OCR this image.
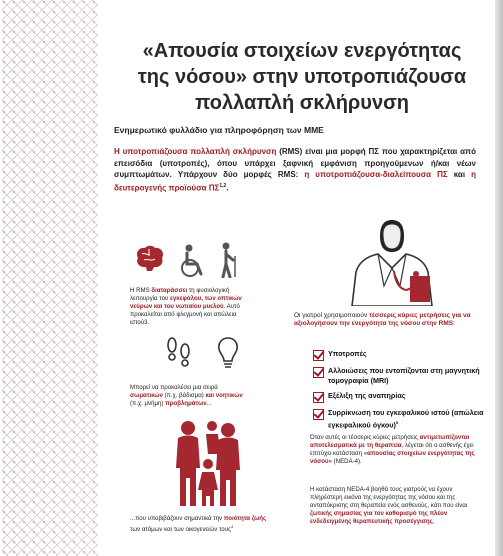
«Απουσία στοιχείων ενεργότητας
της νόσου» στην υποτροπιάζουσα
πολλαπλή σκλήρυνση
Ενημερωτικό φυλλάδιο για πληροφόρηση των ΜΜΕ

Η υποτροπιάζουσα πολλαπλή σκλήρυνση (RMS) είναι μια μορφή ΠΣ που χαρακτηρίζεται από επεισόδια (υποτροπές), όπου υπάρχει ξαφνική εμφάνιση προηγούμενων ή/και νέων συμπτωμάτων. Υπάρχουν δύο μορφές RMS: η υποτροπιάζουσα-διαλείπουσα ΠΣ και η δευτερογενής προϊούσα ΠΣ$^{1,2}$.

Η RMS διαταράσσει τη φυσιολογική λειτουργία του εγκεφάλου, των οπτικών νεύρων και του νωτιαίου μυελού. Αυτό προκαλείται από φλεγμονή και απώλεια ιστού3.
Μπορεί να προκαλέσει μια σειρά σωματικών (π.χ. βάδισμα) και νοητικών (π.χ. μνήμη) προβλημάτων...
...που υποβιβάζουν σημαντικά την ποιότητα ζωής των ατόμων και των οικογενειών τους$^4$
Οι γιατροί χρησιμοποιούν τέσσερις κύριες μετρήσεις για να αξιολογήσουν την ενεργότητα της νόσου στην RMS:
Υποτροπές
Αλλοιώσεις που εντοπίζονται στη μαγνητική τομογραφία (MRI)
Εξέλιξη της αναπηρίας
Συρρίκνωση του εγκεφαλικού ιστού (απώλεια εγκεφαλικού όγκου)$^5$
Όταν αυτές οι τέσσερις κύριες μετρήσεις αντιμετωπίζονται αποτελεσματικά με τη θεραπεία, λέγεται ότι ο ασθενής έχει επιτύχει κατάσταση «απουσίας στοιχείων ενεργότητας της νόσου» (NEDA-4).
Η κατάσταση NEDA-4 βοηθά τους γιατρούς να έχουν πληρέστερη εικόνα της ενεργότητας της νόσου και της ανταπόκρισης στη θεραπεία ενός ασθενούς, κάτι που είναι ζωτικής σημασίας για τον καθορισμό της πλέον ενδεδειγμένης θεραπευτικής προσέγγισης.
